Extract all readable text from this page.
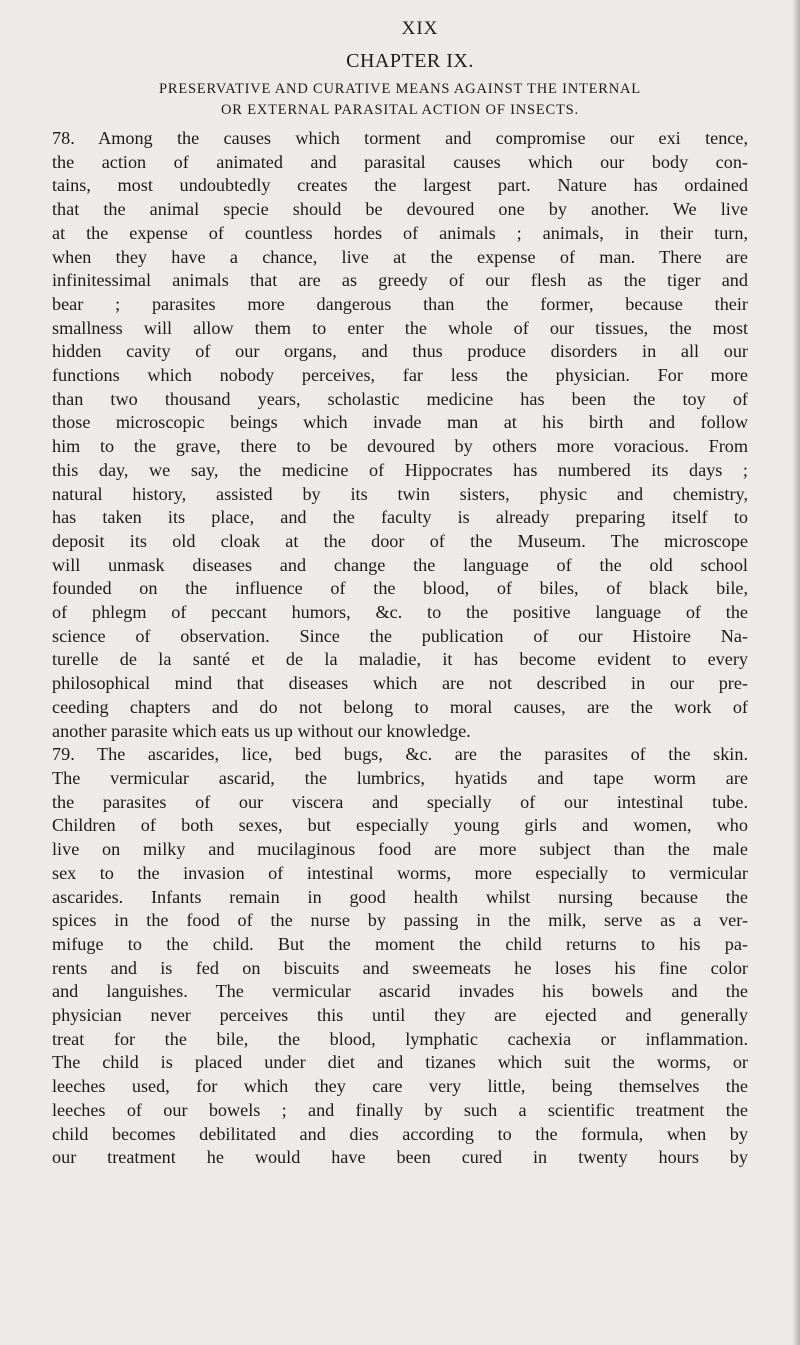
XIX
CHAPTER IX.
PRESERVATIVE AND CURATIVE MEANS AGAINST THE INTERNAL
OR EXTERNAL PARASITAL ACTION OF INSECTS.
78. Among the causes which torment and compromise our exi tence,
the action of animated and parasital causes which our body con-
tains, most undoubtedly creates the largest part. Nature has ordained
that the animal specie should be devoured one by another. We live
at the expense of countless hordes of animals ; animals, in their turn,
when they have a chance, live at the expense of man. There are
infinitessimal animals that are as greedy of our flesh as the tiger and
bear ; parasites more dangerous than the former, because their
smallness will allow them to enter the whole of our tissues, the most
hidden cavity of our organs, and thus produce disorders in all our
functions which nobody perceives, far less the physician. For more
than two thousand years, scholastic medicine has been the toy of
those microscopic beings which invade man at his birth and follow
him to the grave, there to be devoured by others more voracious. From
this day, we say, the medicine of Hippocrates has numbered its days ;
natural history, assisted by its twin sisters, physic and chemistry,
has taken its place, and the faculty is already preparing itself to
deposit its old cloak at the door of the Museum. The microscope
will unmask diseases and change the language of the old school
founded on the influence of the blood, of biles, of black bile,
of phlegm of peccant humors, &c. to the positive language of the
science of observation. Since the publication of our Histoire Na-
turelle de la santé et de la maladie, it has become evident to every
philosophical mind that diseases which are not described in our pre-
ceeding chapters and do not belong to moral causes, are the work of
another parasite which eats us up without our knowledge.
79. The ascarides, lice, bed bugs, &c. are the parasites of the skin.
The vermicular ascarid, the lumbrics, hyatids and tape worm are
the parasites of our viscera and specially of our intestinal tube.
Children of both sexes, but especially young girls and women, who
live on milky and mucilaginous food are more subject than the male
sex to the invasion of intestinal worms, more especially to vermicular
ascarides. Infants remain in good health whilst nursing because the
spices in the food of the nurse by passing in the milk, serve as a ver-
mifuge to the child. But the moment the child returns to his pa-
rents and is fed on biscuits and sweemeats he loses his fine color
and languishes. The vermicular ascarid invades his bowels and the
physician never perceives this until they are ejected and generally
treat for the bile, the blood, lymphatic cachexia or inflammation.
The child is placed under diet and tizanes which suit the worms, or
leeches used, for which they care very little, being themselves the
leeches of our bowels ; and finally by such a scientific treatment the
child becomes debilitated and dies according to the formula, when by
our treatment he would have been cured in twenty hours by
